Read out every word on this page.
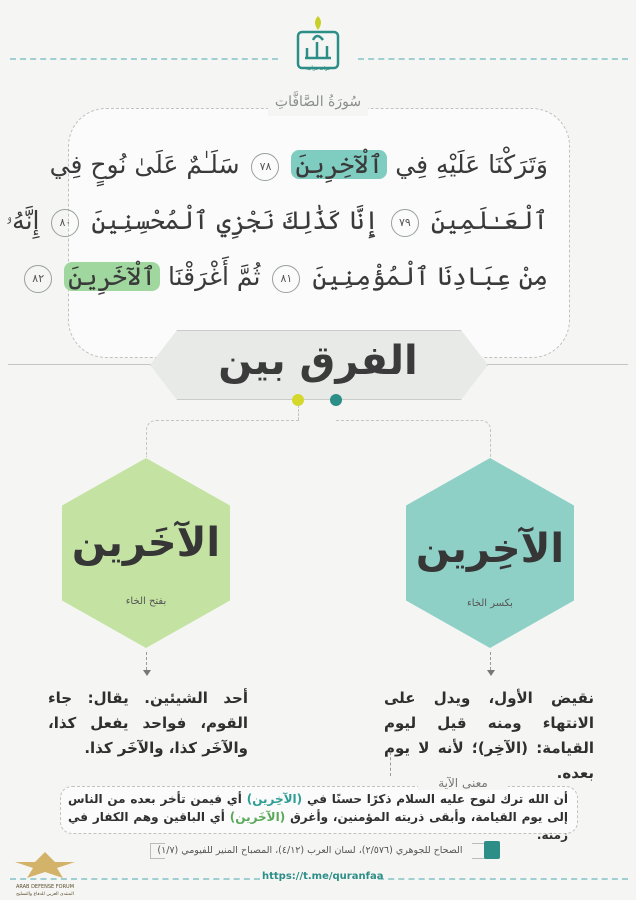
فوائد قرآنية
سُورَةُ الصَّافَّاتِ
وَتَرَكْنَا عَلَيْهِ فِي ٱلْآخِرِينَ ٧٨ سَلَـٰمٌ عَلَىٰ نُوحٍ فِي
ٱلْعَـٰلَمِينَ ٧٩ إِنَّا كَذَٰلِكَ نَجْزِي ٱلْمُحْسِنِينَ ٨٠ إِنَّهُۥ
مِنْ عِبَادِنَا ٱلْمُؤْمِنِينَ ٨١ ثُمَّ أَغْرَقْنَا ٱلْآخَرِينَ ٨٢
الفرق بين
الآخَرين
بفتح الخاء
الآخِرين
بكسر الخاء
أحد الشيئين. يقال: جاء القوم، فواحد يفعل كذا، والآخَر كذا، والآخَر كذا.
نقيض الأول، ويدل على الانتهاء ومنه قيل ليوم القيامة: (الآخِر)؛ لأنه لا يوم بعده.
معنى الآية
أن الله ترك لنوح عليه السلام ذكرًا حسنًا في (الآخِرين) أي فيمن تأخر بعده من الناس إلى يوم القيامة، وأبقى ذريته المؤمنين، وأغرق (الآخَرين) أي الباقين وهم الكفار في زمنه.
الصحاح للجوهري (٢/٥٧٦)، لسان العرب (٤/١٢)، المصباح المنير للفيومي (١/٧)
https://t.me/quranfaa
ARAB DEFENSE FORUM
المنتدى العربي للدفاع والتسليح
